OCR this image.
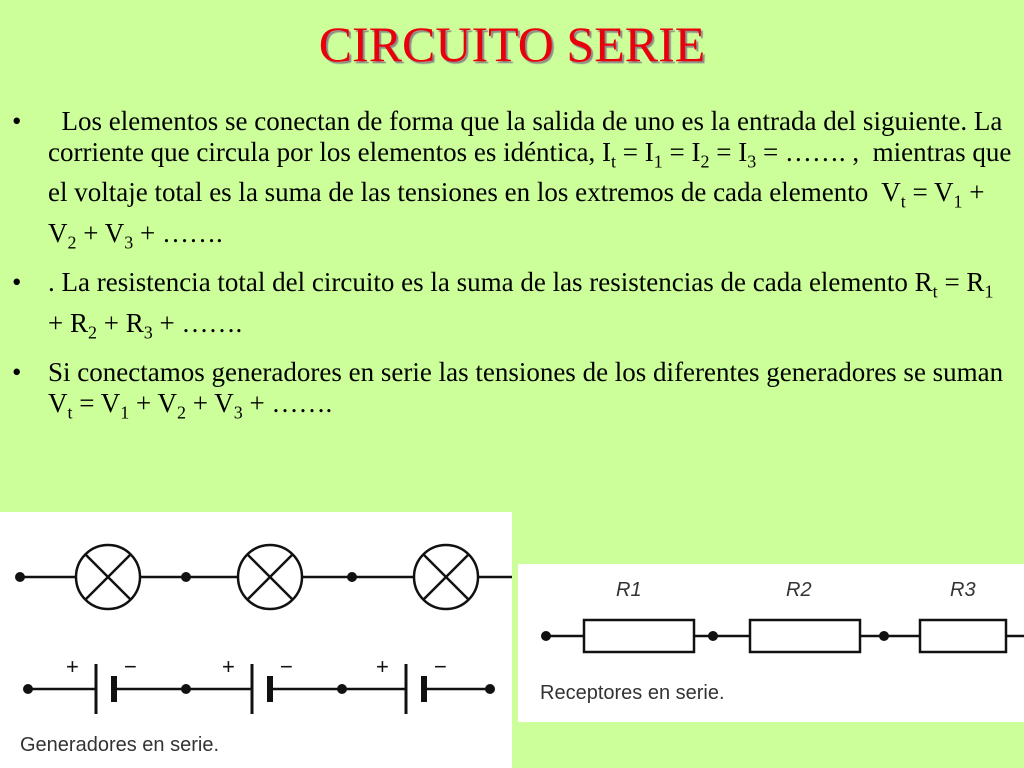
CIRCUITO SERIE
• Los elementos se conectan de forma que la salida de uno es la entrada del siguiente. La corriente que circula por los elementos es idéntica, $I_t = I_1 = I_2 = I_3$ = ……. ,  mientras que el voltaje total es la suma de las tensiones en los extremos de cada elemento  $V_t = V_1 + V_2 + V_3$ + …….
• . La resistencia total del circuito es la suma de las resistencias de cada elemento $R_t = R_1 + R_2 + R_3$ + …….
• Si conectamos generadores en serie las tensiones de los diferentes generadores se suman  $V_t = V_1 + V_2 + V_3$ + …….
+ −	+ −	+ −
Generadores en serie.
R1	R2	R3
Receptores en serie.
